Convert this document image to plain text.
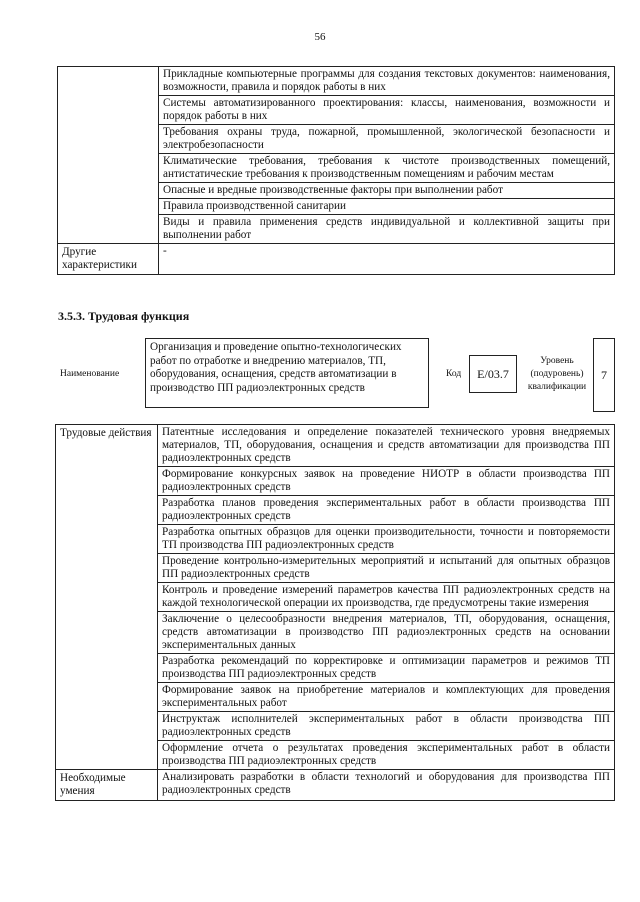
56
	Прикладные компьютерные программы для создания текстовых документов: наименования, возможности, правила и порядок работы в них
	Системы автоматизированного проектирования: классы, наименования, возможности и порядок работы в них
	Требования охраны труда, пожарной, промышленной, экологической безопасности и электробезопасности
	Климатические требования, требования к чистоте производственных помещений, антистатические требования к производственным помещениям и рабочим местам
	Опасные и вредные производственные факторы при выполнении работ
	Правила производственной санитарии
	Виды и правила применения средств индивидуальной и коллективной защиты при выполнении работ
Другие характеристики	-
3.5.3. Трудовая функция
Наименование
Организация и проведение опытно-технологических работ по отработке и внедрению материалов, ТП, оборудования, оснащения, средств автоматизации в производство ПП радиоэлектронных средств
Код	E/03.7
Уровень (подуровень) квалификации
7
Трудовые действия	Патентные исследования и определение показателей технического уровня внедряемых материалов, ТП, оборудования, оснащения и средств автоматизации для производства ПП радиоэлектронных средств
	Формирование конкурсных заявок на проведение НИОТР в области производства ПП радиоэлектронных средств
	Разработка планов проведения экспериментальных работ в области производства ПП радиоэлектронных средств
	Разработка опытных образцов для оценки производительности, точности и повторяемости ТП производства ПП радиоэлектронных средств
	Проведение контрольно-измерительных мероприятий и испытаний для опытных образцов ПП радиоэлектронных средств
	Контроль и проведение измерений параметров качества ПП радиоэлектронных средств на каждой технологической операции их производства, где предусмотрены такие измерения
	Заключение о целесообразности внедрения материалов, ТП, оборудования, оснащения, средств автоматизации в производство ПП радиоэлектронных средств на основании экспериментальных данных
	Разработка рекомендаций по корректировке и оптимизации параметров и режимов ТП производства ПП радиоэлектронных средств
	Формирование заявок на приобретение материалов и комплектующих для проведения экспериментальных работ
	Инструктаж исполнителей экспериментальных работ в области производства ПП радиоэлектронных средств
	Оформление отчета о результатах проведения экспериментальных работ в области производства ПП радиоэлектронных средств
Необходимые умения	Анализировать разработки в области технологий и оборудования для производства ПП радиоэлектронных средств
